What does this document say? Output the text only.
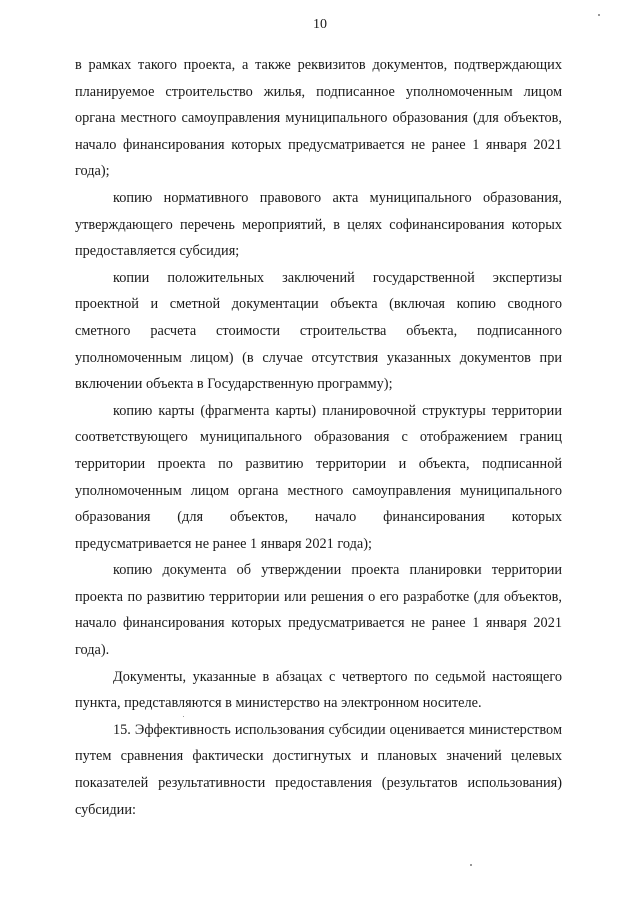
10

в рамках такого проекта, а также реквизитов документов, подтверждающих планируемое строительство жилья, подписанное уполномоченным лицом органа местного самоуправления муниципального образования (для объектов, начало финансирования которых предусматривается не ранее 1 января 2021 года);

копию нормативного правового акта муниципального образования, утверждающего перечень мероприятий, в целях софинансирования которых предоставляется субсидия;

копии положительных заключений государственной экспертизы проектной и сметной документации объекта (включая копию сводного сметного расчета стоимости строительства объекта, подписанного уполномоченным лицом) (в случае отсутствия указанных документов при включении объекта в Государственную программу);

копию карты (фрагмента карты) планировочной структуры территории соответствующего муниципального образования с отображением границ территории проекта по развитию территории и объекта, подписанной уполномоченным лицом органа местного самоуправления муниципального образования (для объектов, начало финансирования которых предусматривается не ранее 1 января 2021 года);

копию документа об утверждении проекта планировки территории проекта по развитию территории или решения о его разработке (для объектов, начало финансирования которых предусматривается не ранее 1 января 2021 года).

Документы, указанные в абзацах с четвертого по седьмой настоящего пункта, представляются в министерство на электронном носителе.

15. Эффективность использования субсидии оценивается министерством путем сравнения фактически достигнутых и плановых значений целевых показателей результативности предоставления (результатов использования) субсидии:
